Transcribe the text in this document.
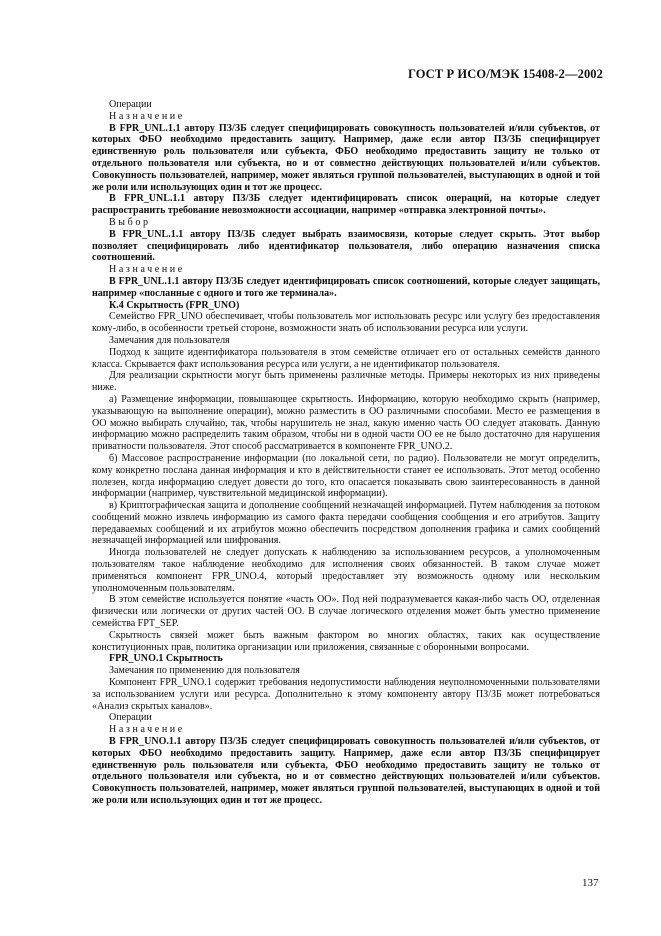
ГОСТ Р ИСО/МЭК 15408-2—2002

Операции

Назначение

В FPR_UNL.1.1 автору ПЗ/ЗБ следует специфицировать совокупность пользователей и/или субъектов, от которых ФБО необходимо предоставить защиту. Например, даже если автор ПЗ/ЗБ специфицирует единственную роль пользователя или субъекта, ФБО необходимо предоставить защиту не только от отдельного пользователя или субъекта, но и от совместно действующих пользователей и/или субъектов. Совокупность пользователей, например, может являться группой пользователей, выступающих в одной и той же роли или использующих один и тот же процесс.

В FPR_UNL.1.1 автору ПЗ/ЗБ следует идентифицировать список операций, на которые следует распространить требование невозможности ассоциации, например «отправка электронной почты».

Выбор

В FPR_UNL.1.1 автору ПЗ/ЗБ следует выбрать взаимосвязи, которые следует скрыть. Этот выбор позволяет специфицировать либо идентификатор пользователя, либо операцию назначения списка соотношений.

Назначение

В FPR_UNL.1.1 автору ПЗ/ЗБ следует идентифицировать список соотношений, которые следует защищать, например «посланные с одного и того же терминала».

К.4 Скрытность (FPR_UNO)

Семейство FPR_UNO обеспечивает, чтобы пользователь мог использовать ресурс или услугу без предоставления кому-либо, в особенности третьей стороне, возможности знать об использовании ресурса или услуги.

Замечания для пользователя

Подход к защите идентификатора пользователя в этом семействе отличает его от остальных семейств данного класса. Скрывается факт использования ресурса или услуги, а не идентификатор пользователя.

Для реализации скрытности могут быть применены различные методы. Примеры некоторых из них приведены ниже.

а) Размещение информации, повышающее скрытность. Информацию, которую необходимо скрыть (например, указывающую на выполнение операции), можно разместить в ОО различными способами. Место ее размещения в ОО можно выбирать случайно, так, чтобы нарушитель не знал, какую именно часть ОО следует атаковать. Данную информацию можно распределить таким образом, чтобы ни в одной части ОО ее не было достаточно для нарушения приватности пользователя. Этот способ рассматривается в компоненте FPR_UNO.2.

б) Массовое распространение информации (по локальной сети, по радио). Пользователи не могут определить, кому конкретно послана данная информация и кто в действительности станет ее использовать. Этот метод особенно полезен, когда информацию следует довести до того, кто опасается показывать свою заинтересованность в данной информации (например, чувствительной медицинской информации).

в) Криптографическая защита и дополнение сообщений незначащей информацией. Путем наблюдения за потоком сообщений можно извлечь информацию из самого факта передачи сообщения сообщения и его атрибутов. Защиту передаваемых сообщений и их атрибутов можно обеспечить посредством дополнения графика и самих сообщений незначащей информацией или шифрования.

Иногда пользователей не следует допускать к наблюдению за использованием ресурсов, а уполномоченным пользователям такое наблюдение необходимо для исполнения своих обязанностей. В таком случае может применяться компонент FPR_UNO.4, который предоставляет эту возможность одному или нескольким уполномоченным пользователям.

В этом семействе используется понятие «часть ОО». Под ней подразумевается какая-либо часть ОО, отделенная физически или логически от других частей ОО. В случае логического отделения может быть уместно применение семейства FPT_SEP.

Скрытность связей может быть важным фактором во многих областях, таких как осуществление конституционных прав, политика организации или приложения, связанные с оборонными вопросами.

FPR_UNO.1 Скрытность

Замечания по применению для пользователя

Компонент FPR_UNO.1 содержит требования недопустимости наблюдения неуполномоченными пользователями за использованием услуги или ресурса. Дополнительно к этому компоненту автору ПЗ/ЗБ может потребоваться «Анализ скрытых каналов».

Операции

Назначение

В FPR_UNO.1.1 автору ПЗ/ЗБ следует специфицировать совокупность пользователей и/или субъектов, от которых ФБО необходимо предоставить защиту. Например, даже если автор ПЗ/ЗБ специфицирует единственную роль пользователя или субъекта, ФБО необходимо предоставить защиту не только от отдельного пользователя или субъекта, но и от совместно действующих пользователей и/или субъектов. Совокупность пользователей, например, может являться группой пользователей, выступающих в одной и той же роли или использующих один и тот же процесс.

137
